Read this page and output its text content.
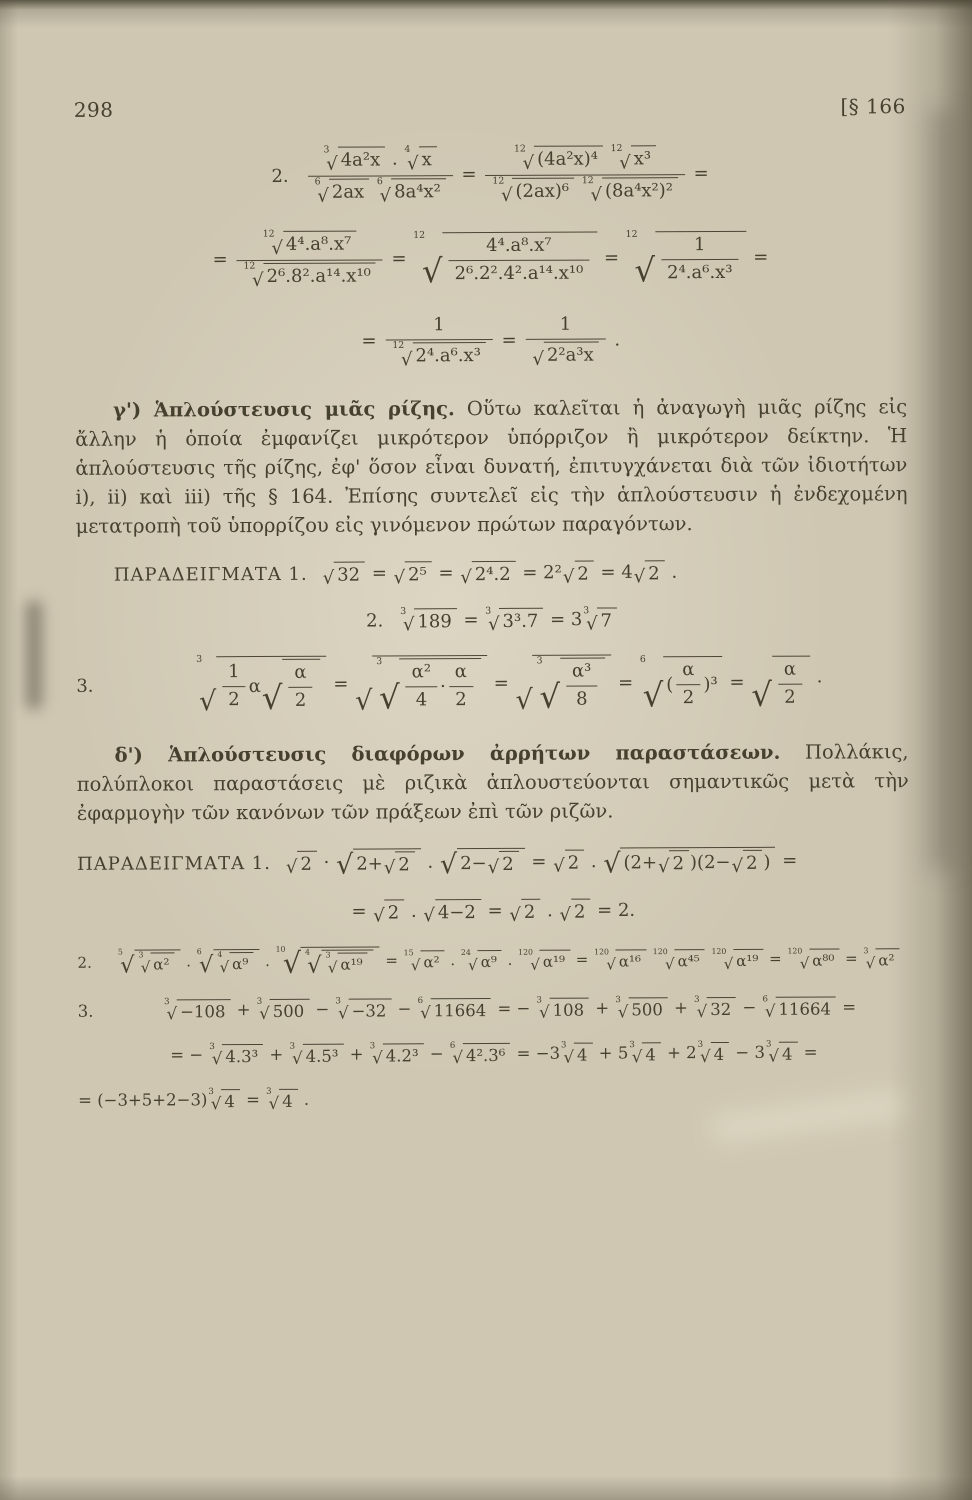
298	[§ 166
2. 3
√ 4a²x . 4
√ x
6
√ 2ax
	6
√ 8a⁴x² = 12
√ (4a²x)⁴
	12
√ x³
12
√ (2ax)⁶
	12
√ (8a⁴x²)² =
= 12
√ 4⁴.a⁸.x⁷
12
√ 2⁶.8².a¹⁴.x¹⁰ =
12
√ $\frac{\text{4⁴.a⁸.x⁷}}{\text{2⁶.2².4².a¹⁴.x¹⁰}}$ =
12
√ $\frac{1}{\text{2⁴.a⁶.x³}}$ =
= 1
12
√ $2^4.a^6.x^3 = \frac{1}{\text{√ 2²a³x}}$ .

γ') Ἁπλούστευσις μιᾶς ρίζης. Οὕτω καλεῖται ἡ ἀναγωγὴ μιᾶς ρίζης εἰς ἄλλην ἡ ὁποία ἐμφανίζει μικρότερον ὑπόρριζον ἢ μικρότερον δείκτην. Ἡ ἁπλούστευσις τῆς ρίζης, ἐφ' ὅσον εἶναι δυνατή, ἐπιτυγχάνεται διὰ τῶν ἰδιοτήτων i), ii) καὶ iii) τῆς § 164. Ἐπίσης συντελεῖ εἰς τὴν ἁπλούστευσιν ἡ ἐνδεχομένη μετατροπὴ τοῦ ὑπορρίζου εἰς γινόμενον πρώτων παραγόντων.

ΠΑΡΑΔΕΙΓΜΑΤΑ 1. √ 32 = √ 2⁵ = √ 2⁴.2 = 2² √ 2 = 4 √ 2 .
2. 3
√ 189 = 3
√ 3³.7 = 3 3
√ 7
3.
3
√ $\frac{1}{2}$ α √ $\frac{\alpha}{2}$ =
√
3
√ $\frac{\text{α²}}{4} \cdot \frac{\alpha}{2}$ =
√
3
√ $\frac{\text{α³}}{8}$ =
6
√ ( $\frac{\alpha}{2} )^3$ = √ $\frac{\alpha}{2}$ ·

δ') Ἁπλούστευσις διαφόρων ἀρρήτων παραστάσεων. Πολλάκις, πολύπλοκοι παραστάσεις μὲ ριζικὰ ἁπλουστεύονται σημαντικῶς μετὰ τὴν ἐφαρμογὴν τῶν κανόνων τῶν πράξεων ἐπὶ τῶν ριζῶν.

ΠΑΡΑΔΕΙΓΜΑΤΑ 1. √ 2 · √ 2+ √ 2 . √ 2− √ 2 = √ 2 . √ (2+ √ 2 )(2− √ 2 ) =
= √ 2 . √ 4−2 = √ 2 . √ 2 = 2.
2.
5
√ 3
√ α² .
6
√ 4
√ α⁹ .
10
√ 4
√ 3
√ α¹⁹	= 15
√ α² . 24
√ α⁹ . 120
√ α¹⁹ = 120
√ α¹⁶

120
√ α⁴⁵

120
√ α¹⁹ = 120
√ α⁸⁰ = 3
√ α²
3.	3
√ −108 + 3
√ 500 − 3
√ −32 − 6
√ 11664 = − 3
√ 108 + 3
√ 500 + 3
√ 32 − 6
√ 11664 =
= − 3
√ 4.3³ + 3
√ 4.5³ + 3
√ 4.2³ − 6
√ 4².3⁶ = −3 3
√ 4 + 5 3
√ 4 + 2 3
√ 4 − 3 3
√ 4 =
= (−3+5+2−3) 3
√ 4 = 3
√ 4 .
